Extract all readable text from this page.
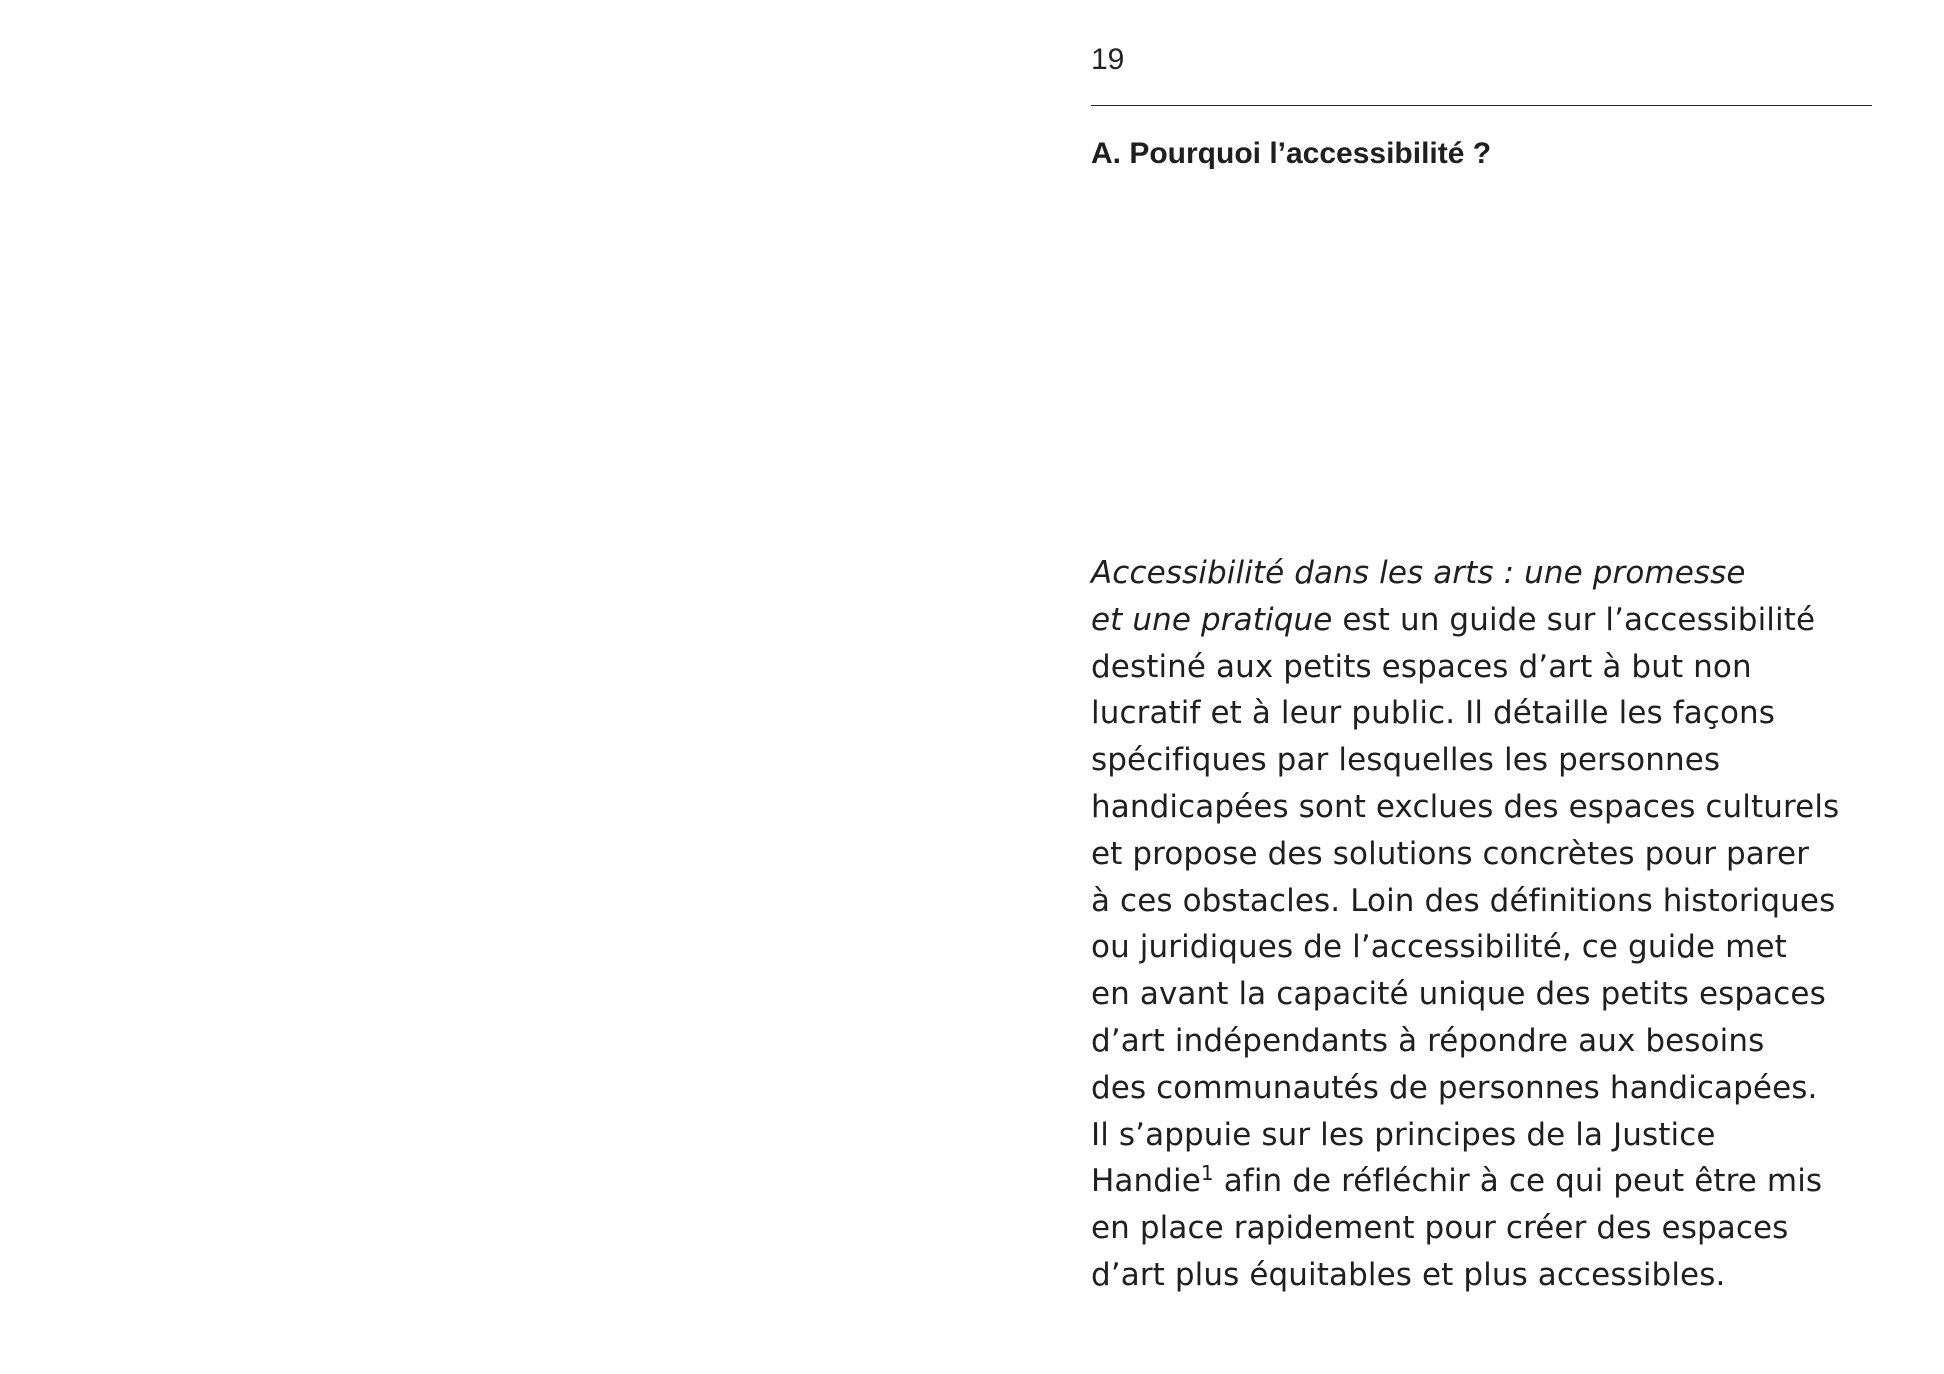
19
A. Pourquoi l’accessibilité ?

Accessibilité dans les arts : une promesse
et une pratique est un guide sur l’accessibilité
destiné aux petits espaces d’art à but non
lucratif et à leur public. Il détaille les façons
spécifiques par lesquelles les personnes
handicapées sont exclues des espaces culturels
et propose des solutions concrètes pour parer
à ces obstacles. Loin des définitions historiques
ou juridiques de l’accessibilité, ce guide met
en avant la capacité unique des petits espaces
d’art indépendants à répondre aux besoins
des communautés de personnes handicapées.
Il s’appuie sur les principes de la Justice
Handie$^1$ afin de réfléchir à ce qui peut être mis
en place rapidement pour créer des espaces
d’art plus équitables et plus accessibles.
